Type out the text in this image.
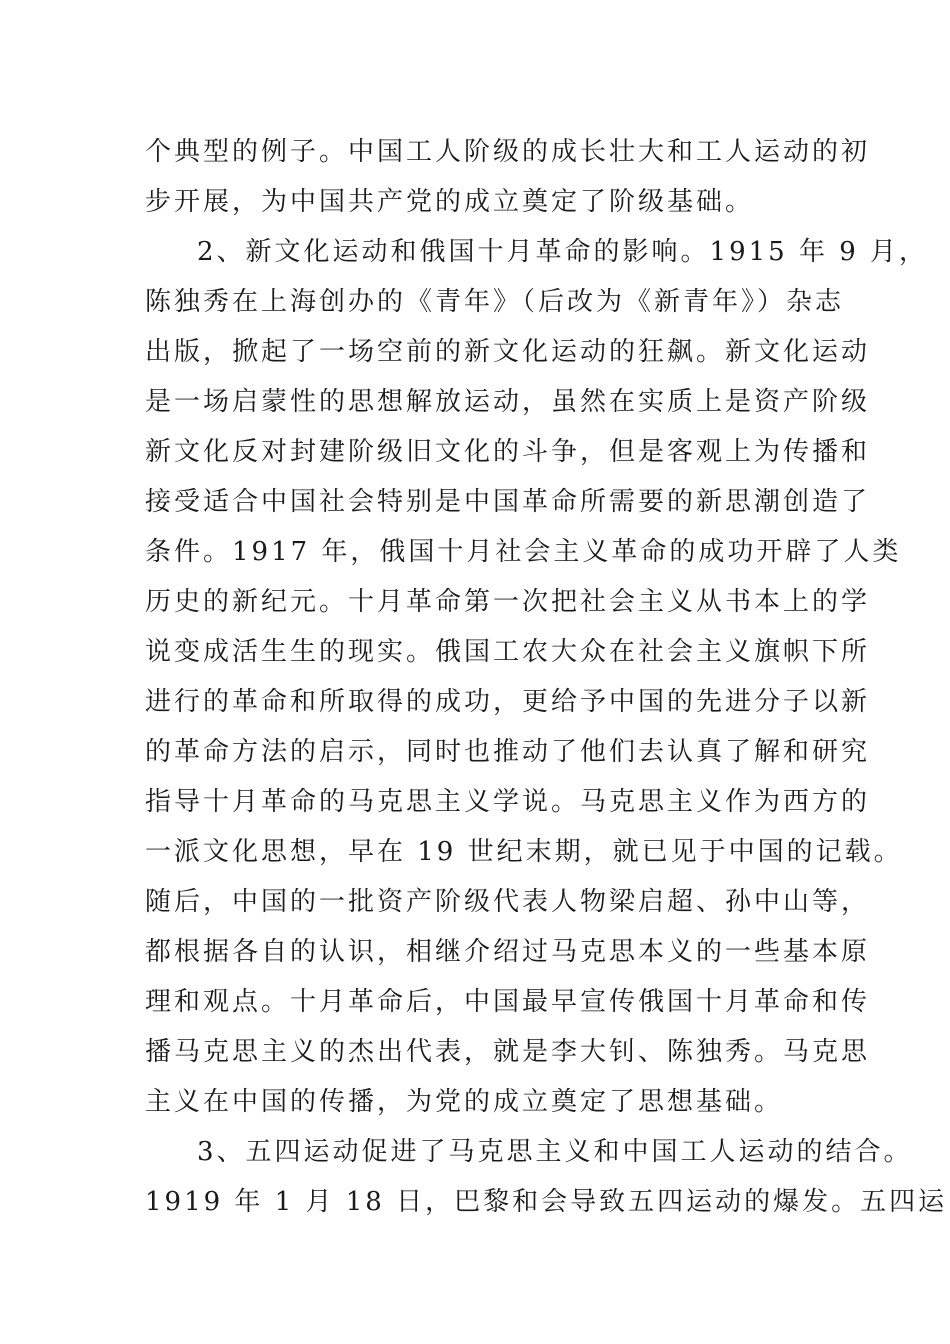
个典型的例子。中国工人阶级的成长壮大和工人运动的初
步开展，为中国共产党的成立奠定了阶级基础。
2、新文化运动和俄国十月革命的影响。1915 年 9 月，
陈独秀在上海创办的《青年》（后改为《新青年》）杂志
出版，掀起了一场空前的新文化运动的狂飙。新文化运动
是一场启蒙性的思想解放运动，虽然在实质上是资产阶级
新文化反对封建阶级旧文化的斗争，但是客观上为传播和
接受适合中国社会特别是中国革命所需要的新思潮创造了
条件。1917 年，俄国十月社会主义革命的成功开辟了人类
历史的新纪元。十月革命第一次把社会主义从书本上的学
说变成活生生的现实。俄国工农大众在社会主义旗帜下所
进行的革命和所取得的成功，更给予中国的先进分子以新
的革命方法的启示，同时也推动了他们去认真了解和研究
指导十月革命的马克思主义学说。马克思主义作为西方的
一派文化思想，早在 19 世纪末期，就已见于中国的记载。
随后，中国的一批资产阶级代表人物梁启超、孙中山等，
都根据各自的认识，相继介绍过马克思本义的一些基本原
理和观点。十月革命后，中国最早宣传俄国十月革命和传
播马克思主义的杰出代表，就是李大钊、陈独秀。马克思
主义在中国的传播，为党的成立奠定了思想基础。
3、五四运动促进了马克思主义和中国工人运动的结合。
1919 年 1 月 18 日，巴黎和会导致五四运动的爆发。五四运
